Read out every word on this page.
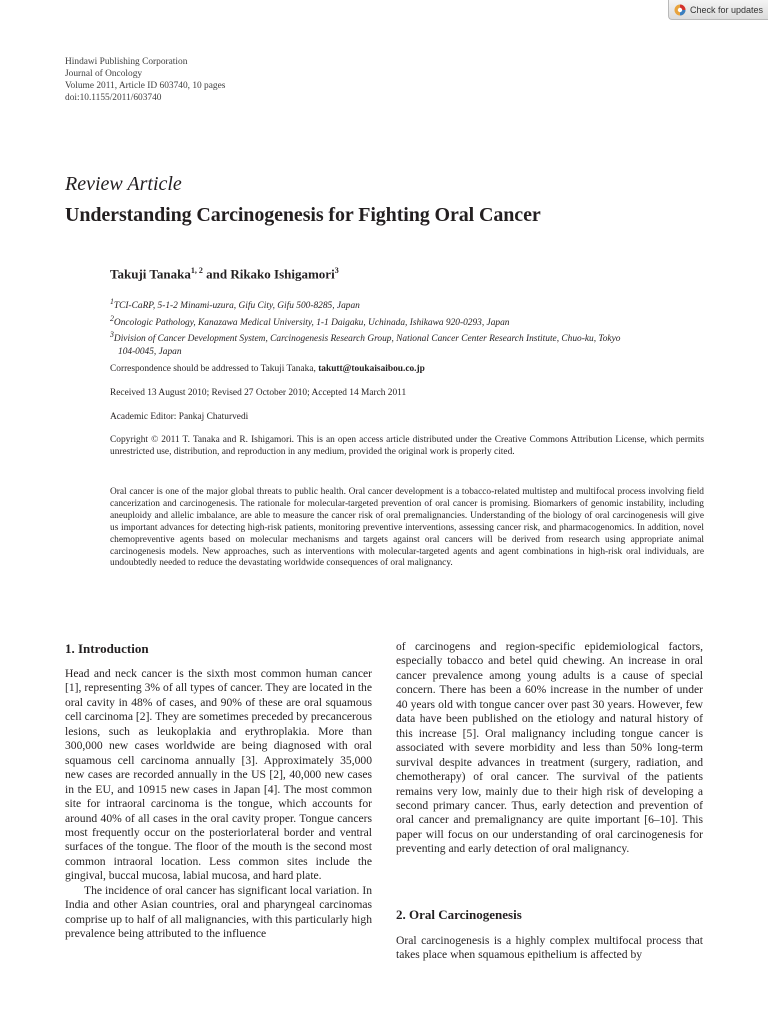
Check for updates
Hindawi Publishing Corporation
Journal of Oncology
Volume 2011, Article ID 603740, 10 pages
doi:10.1155/2011/603740
Review Article
Understanding Carcinogenesis for Fighting Oral Cancer
Takuji Tanaka$^{1, 2}$ and Rikako Ishigamori$^3$
$^1$TCI-CaRP, 5-1-2 Minami-uzura, Gifu City, Gifu 500-8285, Japan
$^2$Oncologic Pathology, Kanazawa Medical University, 1-1 Daigaku, Uchinada, Ishikawa 920-0293, Japan
$^3$Division of Cancer Development System, Carcinogenesis Research Group, National Cancer Center Research Institute, Chuo-ku, Tokyo
104-0045, Japan
Correspondence should be addressed to Takuji Tanaka, takutt@toukaisaibou.co.jp
Received 13 August 2010; Revised 27 October 2010; Accepted 14 March 2011
Academic Editor: Pankaj Chaturvedi
Copyright © 2011 T. Tanaka and R. Ishigamori. This is an open access article distributed under the Creative Commons Attribution License, which permits unrestricted use, distribution, and reproduction in any medium, provided the original work is properly cited.
Oral cancer is one of the major global threats to public health. Oral cancer development is a tobacco-related multistep and multifocal process involving field cancerization and carcinogenesis. The rationale for molecular-targeted prevention of oral cancer is promising. Biomarkers of genomic instability, including aneuploidy and allelic imbalance, are able to measure the cancer risk of oral premalignancies. Understanding of the biology of oral carcinogenesis will give us important advances for detecting high-risk patients, monitoring preventive interventions, assessing cancer risk, and pharmacogenomics. In addition, novel chemopreventive agents based on molecular mechanisms and targets against oral cancers will be derived from research using appropriate animal carcinogenesis models. New approaches, such as interventions with molecular-targeted agents and agent combinations in high-risk oral individuals, are undoubtedly needed to reduce the devastating worldwide consequences of oral malignancy.
1. Introduction

Head and neck cancer is the sixth most common human cancer [1], representing 3% of all types of cancer. They are located in the oral cavity in 48% of cases, and 90% of these are oral squamous cell carcinoma [2]. They are sometimes preceded by precancerous lesions, such as leukoplakia and erythroplakia. More than 300,000 new cases worldwide are being diagnosed with oral squamous cell carcinoma annually [3]. Approximately 35,000 new cases are recorded annually in the US [2], 40,000 new cases in the EU, and 10915 new cases in Japan [4]. The most common site for intraoral carcinoma is the tongue, which accounts for around 40% of all cases in the oral cavity proper. Tongue cancers most frequently occur on the posteriorlateral border and ventral surfaces of the tongue. The floor of the mouth is the second most common intraoral location. Less common sites include the gingival, buccal mucosa, labial mucosa, and hard plate.

The incidence of oral cancer has significant local variation. In India and other Asian countries, oral and pharyngeal carcinomas comprise up to half of all malignancies, with this particularly high prevalence being attributed to the influence

of carcinogens and region-specific epidemiological factors, especially tobacco and betel quid chewing. An increase in oral cancer prevalence among young adults is a cause of special concern. There has been a 60% increase in the number of under 40 years old with tongue cancer over past 30 years. However, few data have been published on the etiology and natural history of this increase [5]. Oral malignancy including tongue cancer is associated with severe morbidity and less than 50% long-term survival despite advances in treatment (surgery, radiation, and chemotherapy) of oral cancer. The survival of the patients remains very low, mainly due to their high risk of developing a second primary cancer. Thus, early detection and prevention of oral cancer and premalignancy are quite important [6–10]. This paper will focus on our understanding of oral carcinogenesis for preventing and early detection of oral malignancy.

2. Oral Carcinogenesis

Oral carcinogenesis is a highly complex multifocal process that takes place when squamous epithelium is affected by
